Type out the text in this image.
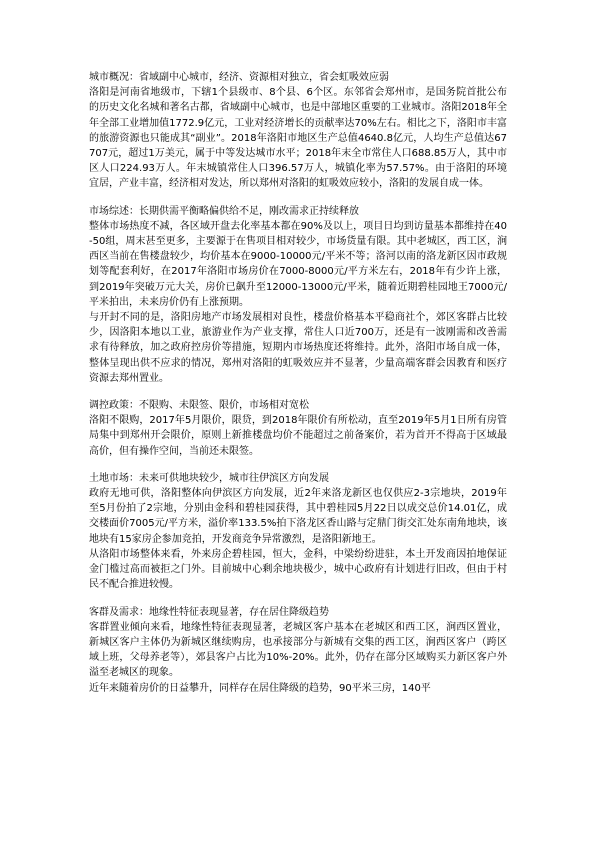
城市概况：省域副中心城市，经济、资源相对独立，省会虹吸效应弱

洛阳是河南省地级市，下辖1个县级市、8个县、6个区。东邻省会郑州市，是国务院首批公布的历史文化名城和著名古都，省域副中心城市，也是中部地区重要的工业城市。洛阳2018年全年全部工业增加值1772.9亿元，工业对经济增长的贡献率达70%左右。相比之下，洛阳市丰富的旅游资源也只能成其“副业”。2018年洛阳市地区生产总值4640.8亿元，人均生产总值达67707元，超过1万美元，属于中等发达城市水平；2018年末全市常住人口688.85万人，其中市区人口224.93万人。年末城镇常住人口396.57万人，城镇化率为57.57%。由于洛阳的环境宜居，产业丰富，经济相对发达，所以郑州对洛阳的虹吸效应较小，洛阳的发展自成一体。

市场综述：长期供需平衡略偏供给不足，刚改需求正持续释放

整体市场热度不减，各区域开盘去化率基本都在90%及以上，项目日均到访量基本都维持在40-50组，周末甚至更多，主要源于在售项目相对较少，市场货量有限。其中老城区，西工区，涧西区当前在售楼盘较少，均价基本在9000-10000元/平米不等；洛河以南的洛龙新区因市政规划等配套利好，在2017年洛阳市场房价在7000-8000元/平方米左右，2018年有少许上涨，到2019年突破万元大关，房价已飙升至12000-13000元/平米，随着近期碧桂园地王7000元/平米拍出，未来房价仍有上涨预期。

与开封不同的是，洛阳房地产市场发展相对良性，楼盘价格基本平稳商社个，郊区客群占比较少，因洛阳本地以工业，旅游业作为产业支撑，常住人口近700万，还是有一波刚需和改善需求有待释放，加之政府控房价等措施，短期内市场热度还将维持。此外，洛阳市场自成一体，整体呈现出供不应求的情况，郑州对洛阳的虹吸效应并不显著，少量高端客群会因教育和医疗资源去郑州置业。

调控政策：不限购、未限签、限价，市场相对宽松

洛阳不限购，2017年5月限价，限贷，到2018年限价有所松动，直至2019年5月1日所有房管局集中到郑州开会限价，原则上新推楼盘均价不能超过之前备案价，若为首开不得高于区域最高价，但有操作空间，当前还未限签。

土地市场：未来可供地块较少，城市往伊滨区方向发展

政府无地可供，洛阳整体向伊滨区方向发展，近2年来洛龙新区也仅供应2-3宗地块，2019年至5月份拍了2宗地，分别由金科和碧桂园获得，其中碧桂园5月22日以成交总价14.01亿，成交楼面价7005元/平方米，溢价率133.5%拍下洛龙区香山路与定鼎门街交汇处东南角地块，该地块有15家房企参加竞拍，开发商竞争异常激烈，是洛阳新地王。

从洛阳市场整体来看，外来房企碧桂园，恒大，金科，中梁纷纷进驻，本土开发商因拍地保证金门槛过高而被拒之门外。目前城中心剩余地块极少，城中心政府有计划进行旧改，但由于村民不配合推进较慢。

客群及需求：地缘性特征表现显著，存在居住降级趋势

客群置业倾向来看，地缘性特征表现显著，老城区客户基本在老城区和西工区，涧西区置业，新城区客户主体仍为新城区继续购房，也承接部分与新城有交集的西工区，涧西区客户（跨区域上班，父母养老等），郊县客户占比为10%-20%。此外，仍存在部分区域购买力新区客户外溢至老城区的现象。

近年来随着房价的日益攀升，同样存在居住降级的趋势，90平米三房，140平
